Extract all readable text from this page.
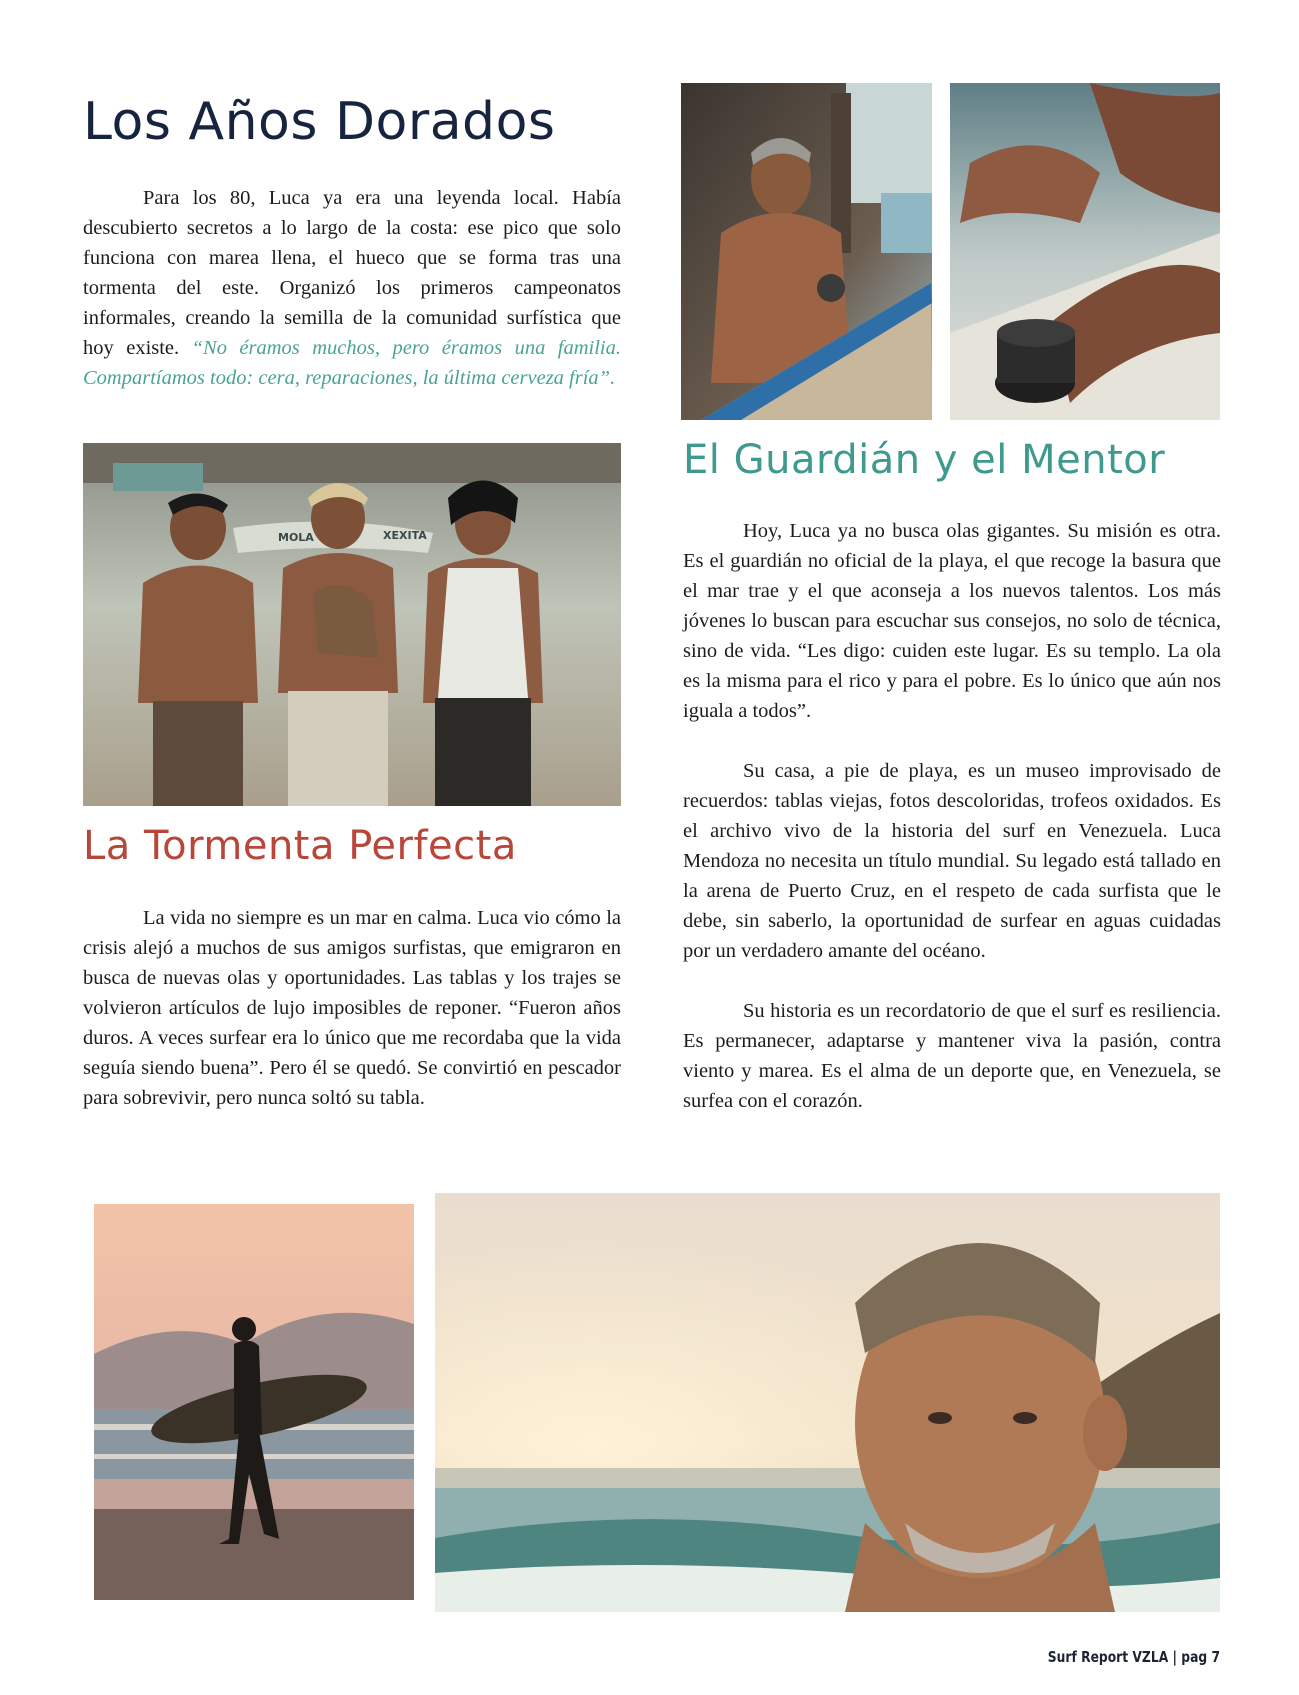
Los Años Dorados
La Tormenta Perfecta
El Guardián y el Mentor

Para los 80, Luca ya era una leyenda local. Había descubierto secretos a lo largo de la costa: ese pico que solo funciona con marea llena, el hueco que se forma tras una tormenta del este. Organizó los primeros campeonatos informales, creando la semilla de la comunidad surfística que hoy existe. “No éramos muchos, pero éramos una familia. Compartíamos todo: cera, reparaciones, la última cerveza fría”.

La vida no siempre es un mar en calma. Luca vio cómo la crisis alejó a muchos de sus amigos surfistas, que emigraron en busca de nuevas olas y oportunidades. Las tablas y los trajes se volvieron artículos de lujo imposibles de reponer. “Fueron años duros. A veces surfear era lo único que me recordaba que la vida seguía siendo buena”. Pero él se quedó. Se convirtió en pescador para sobrevivir, pero nunca soltó su tabla.

Hoy, Luca ya no busca olas gigantes. Su misión es otra. Es el guardián no oficial de la playa, el que recoge la basura que el mar trae y el que aconseja a los nuevos talentos. Los más jóvenes lo buscan para escuchar sus consejos, no solo de técnica, sino de vida. “Les digo: cuiden este lugar. Es su templo. La ola es la misma para el rico y para el pobre. Es lo único que aún nos iguala a todos”.

Su casa, a pie de playa, es un museo improvisado de recuerdos: tablas viejas, fotos descoloridas, trofeos oxidados. Es el archivo vivo de la historia del surf en Venezuela. Luca Mendoza no necesita un título mundial. Su legado está tallado en la arena de Puerto Cruz, en el respeto de cada surfista que le debe, sin saberlo, la oportunidad de surfear en aguas cuidadas por un verdadero amante del océano.

Su historia es un recordatorio de que el surf es resiliencia. Es permanecer, adaptarse y mantener viva la pasión, contra viento y marea. Es el alma de un deporte que, en Venezuela, se surfea con el corazón.

MOLA	XEXITA
Surf Report VZLA | pag 7
